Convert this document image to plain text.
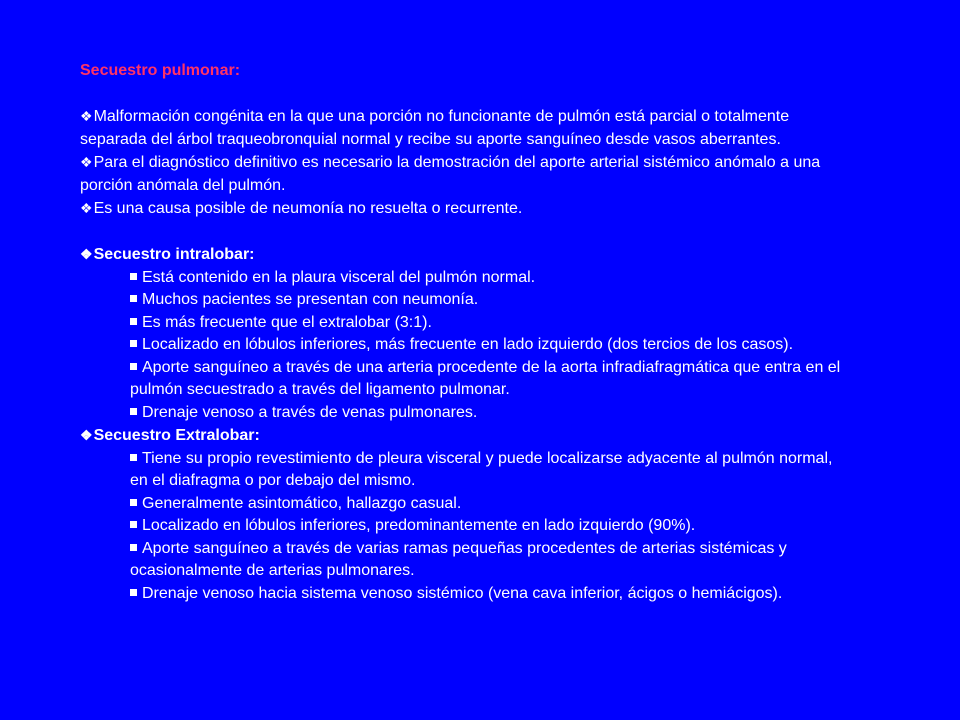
Secuestro pulmonar:
❖Malformación congénita en la que una porción no funcionante de pulmón está parcial o totalmente separada del árbol traqueobronquial normal y recibe su aporte sanguíneo desde vasos aberrantes.
❖Para el diagnóstico definitivo es necesario la demostración del aporte arterial sistémico anómalo a una porción anómala del pulmón.
❖Es una causa posible de neumonía no resuelta o recurrente.
❖Secuestro intralobar:
Está contenido en la plaura visceral del pulmón normal.
Muchos pacientes se presentan con neumonía.
Es más frecuente que el extralobar (3:1).
Localizado en lóbulos inferiores, más frecuente en lado izquierdo (dos tercios de los casos).
Aporte sanguíneo a través de una arteria procedente de la aorta infradiafragmática que entra en el pulmón secuestrado a través del ligamento pulmonar.
Drenaje venoso a través de venas pulmonares.
❖Secuestro Extralobar:
Tiene su propio revestimiento de pleura visceral y puede localizarse adyacente al pulmón normal, en el diafragma o por debajo del mismo.
Generalmente asintomático, hallazgo casual.
Localizado en lóbulos inferiores, predominantemente en lado izquierdo (90%).
Aporte sanguíneo a través de varias ramas pequeñas procedentes de arterias sistémicas y ocasionalmente de arterias pulmonares.
Drenaje venoso hacia sistema venoso sistémico (vena cava inferior, ácigos o hemiácigos).
